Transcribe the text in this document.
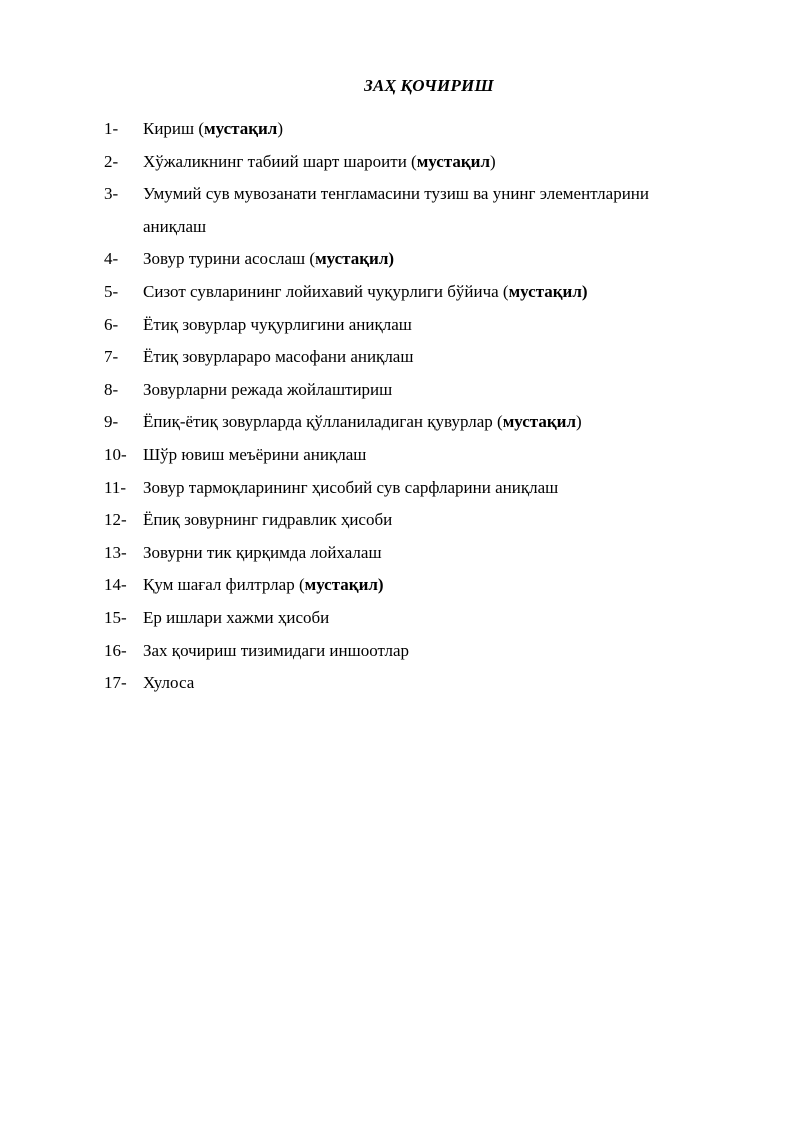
ЗАҲ ҚОЧИРИШ
1- Кириш (мустақил)
2- Хўжаликнинг табиий шарт шароити (мустақил)
3- Умумий сув мувозанати тенгламасини тузиш ва унинг элементларини
аниқлаш
4- Зовур турини асослаш (мустақил)
5- Сизот сувларининг лойихавий чуқурлиги бўйича (мустақил)
6- Ётиқ зовурлар чуқурлигини аниқлаш
7- Ётиқ зовурлараро масофани аниқлаш
8- Зовурларни режада жойлаштириш
9- Ёпиқ-ётиқ зовурларда қўлланиладиган қувурлар (мустақил)
10- Шўр ювиш меъёрини аниқлаш
11- Зовур тармоқларининг ҳисобий сув сарфларини аниқлаш
12- Ёпиқ зовурнинг гидравлик ҳисоби
13- Зовурни тик қирқимда лойхалаш
14- Қум шағал филтрлар (мустақил)
15- Ер ишлари хажми ҳисоби
16- Зах қочириш тизимидаги иншоотлар
17- Хулоса
